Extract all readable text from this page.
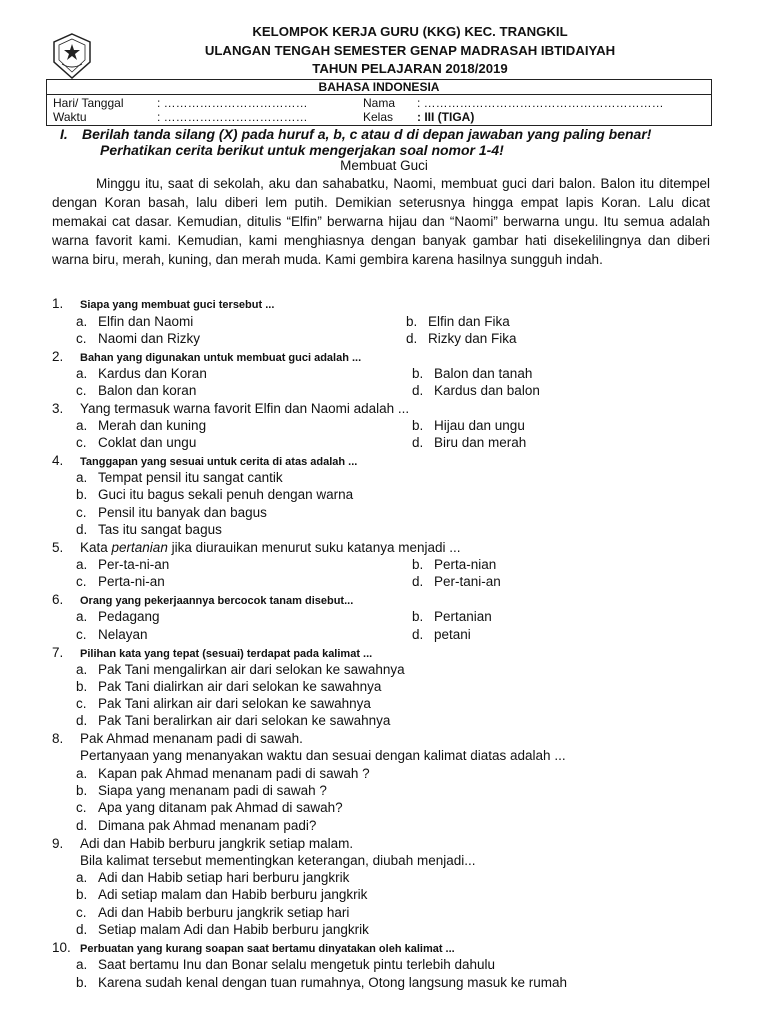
KELOMPOK KERJA GURU (KKG) KEC. TRANGKIL
ULANGAN TENGAH SEMESTER GENAP MADRASAH IBTIDAIYAH
TAHUN PELAJARAN 2018/2019
BAHASA INDONESIA
Hari/ Tanggal	: ………………………………	Nama : ……………………………………………………
Waktu	: ………………………………	Kelas : III (TIGA)
I. Berilah tanda silang (X) pada huruf a, b, c atau d di depan jawaban yang paling benar!
Perhatikan cerita berikut untuk mengerjakan soal nomor 1-4!
Membuat Guci

Minggu itu, saat di sekolah, aku dan sahabatku, Naomi, membuat guci dari balon. Balon itu ditempel dengan Koran basah, lalu diberi lem putih. Demikian seterusnya hingga empat lapis Koran. Lalu dicat memakai cat dasar. Kemudian, ditulis “Elfin” berwarna hijau dan “Naomi” berwarna ungu. Itu semua adalah warna favorit kami. Kemudian, kami menghiasnya dengan banyak gambar hati disekelilingnya dan diberi warna biru, merah, kuning, dan merah muda. Kami gembira karena hasilnya sungguh indah.

1. Siapa yang membuat guci tersebut ...
a. Elfin dan Naomi	b. Elfin dan Fika
c. Naomi dan Rizky	d. Rizky dan Fika
2. Bahan yang digunakan untuk membuat guci adalah ...
a. Kardus dan Koran	b. Balon dan tanah
c. Balon dan koran	d. Kardus dan balon
3. Yang termasuk warna favorit Elfin dan Naomi adalah ...
a. Merah dan kuning	b. Hijau dan ungu
c. Coklat dan ungu	d. Biru dan merah
4. Tanggapan yang sesuai untuk cerita di atas adalah ...
a. Tempat pensil itu sangat cantik
b. Guci itu bagus sekali penuh dengan warna
c. Pensil itu banyak dan bagus
d. Tas itu sangat bagus
5. Kata pertanian jika diurauikan menurut suku katanya menjadi ...
a. Per-ta-ni-an	b. Perta-nian
c. Perta-ni-an	d. Per-tani-an
6. Orang yang pekerjaannya bercocok tanam disebut...
a. Pedagang	b. Pertanian
c. Nelayan	d. petani
7. Pilihan kata yang tepat (sesuai) terdapat pada kalimat ...
a. Pak Tani mengalirkan air dari selokan ke sawahnya
b. Pak Tani dialirkan air dari selokan ke sawahnya
c. Pak Tani alirkan air dari selokan ke sawahnya
d. Pak Tani beralirkan air dari selokan ke sawahnya
8. Pak Ahmad menanam padi di sawah.
Pertanyaan yang menanyakan waktu dan sesuai dengan kalimat diatas adalah ...
a. Kapan pak Ahmad menanam padi di sawah ?
b. Siapa yang menanam padi di sawah ?
c. Apa yang ditanam pak Ahmad di sawah?
d. Dimana pak Ahmad menanam padi?
9. Adi dan Habib berburu jangkrik setiap malam.
Bila kalimat tersebut mementingkan keterangan, diubah menjadi...
a. Adi dan Habib setiap hari berburu jangkrik
b. Adi setiap malam dan Habib berburu jangkrik
c. Adi dan Habib berburu jangkrik setiap hari
d. Setiap malam Adi dan Habib berburu jangkrik
10. Perbuatan yang kurang soapan saat bertamu dinyatakan oleh kalimat ...
a. Saat bertamu Inu dan Bonar selalu mengetuk pintu terlebih dahulu
b. Karena sudah kenal dengan tuan rumahnya, Otong langsung masuk ke rumah
